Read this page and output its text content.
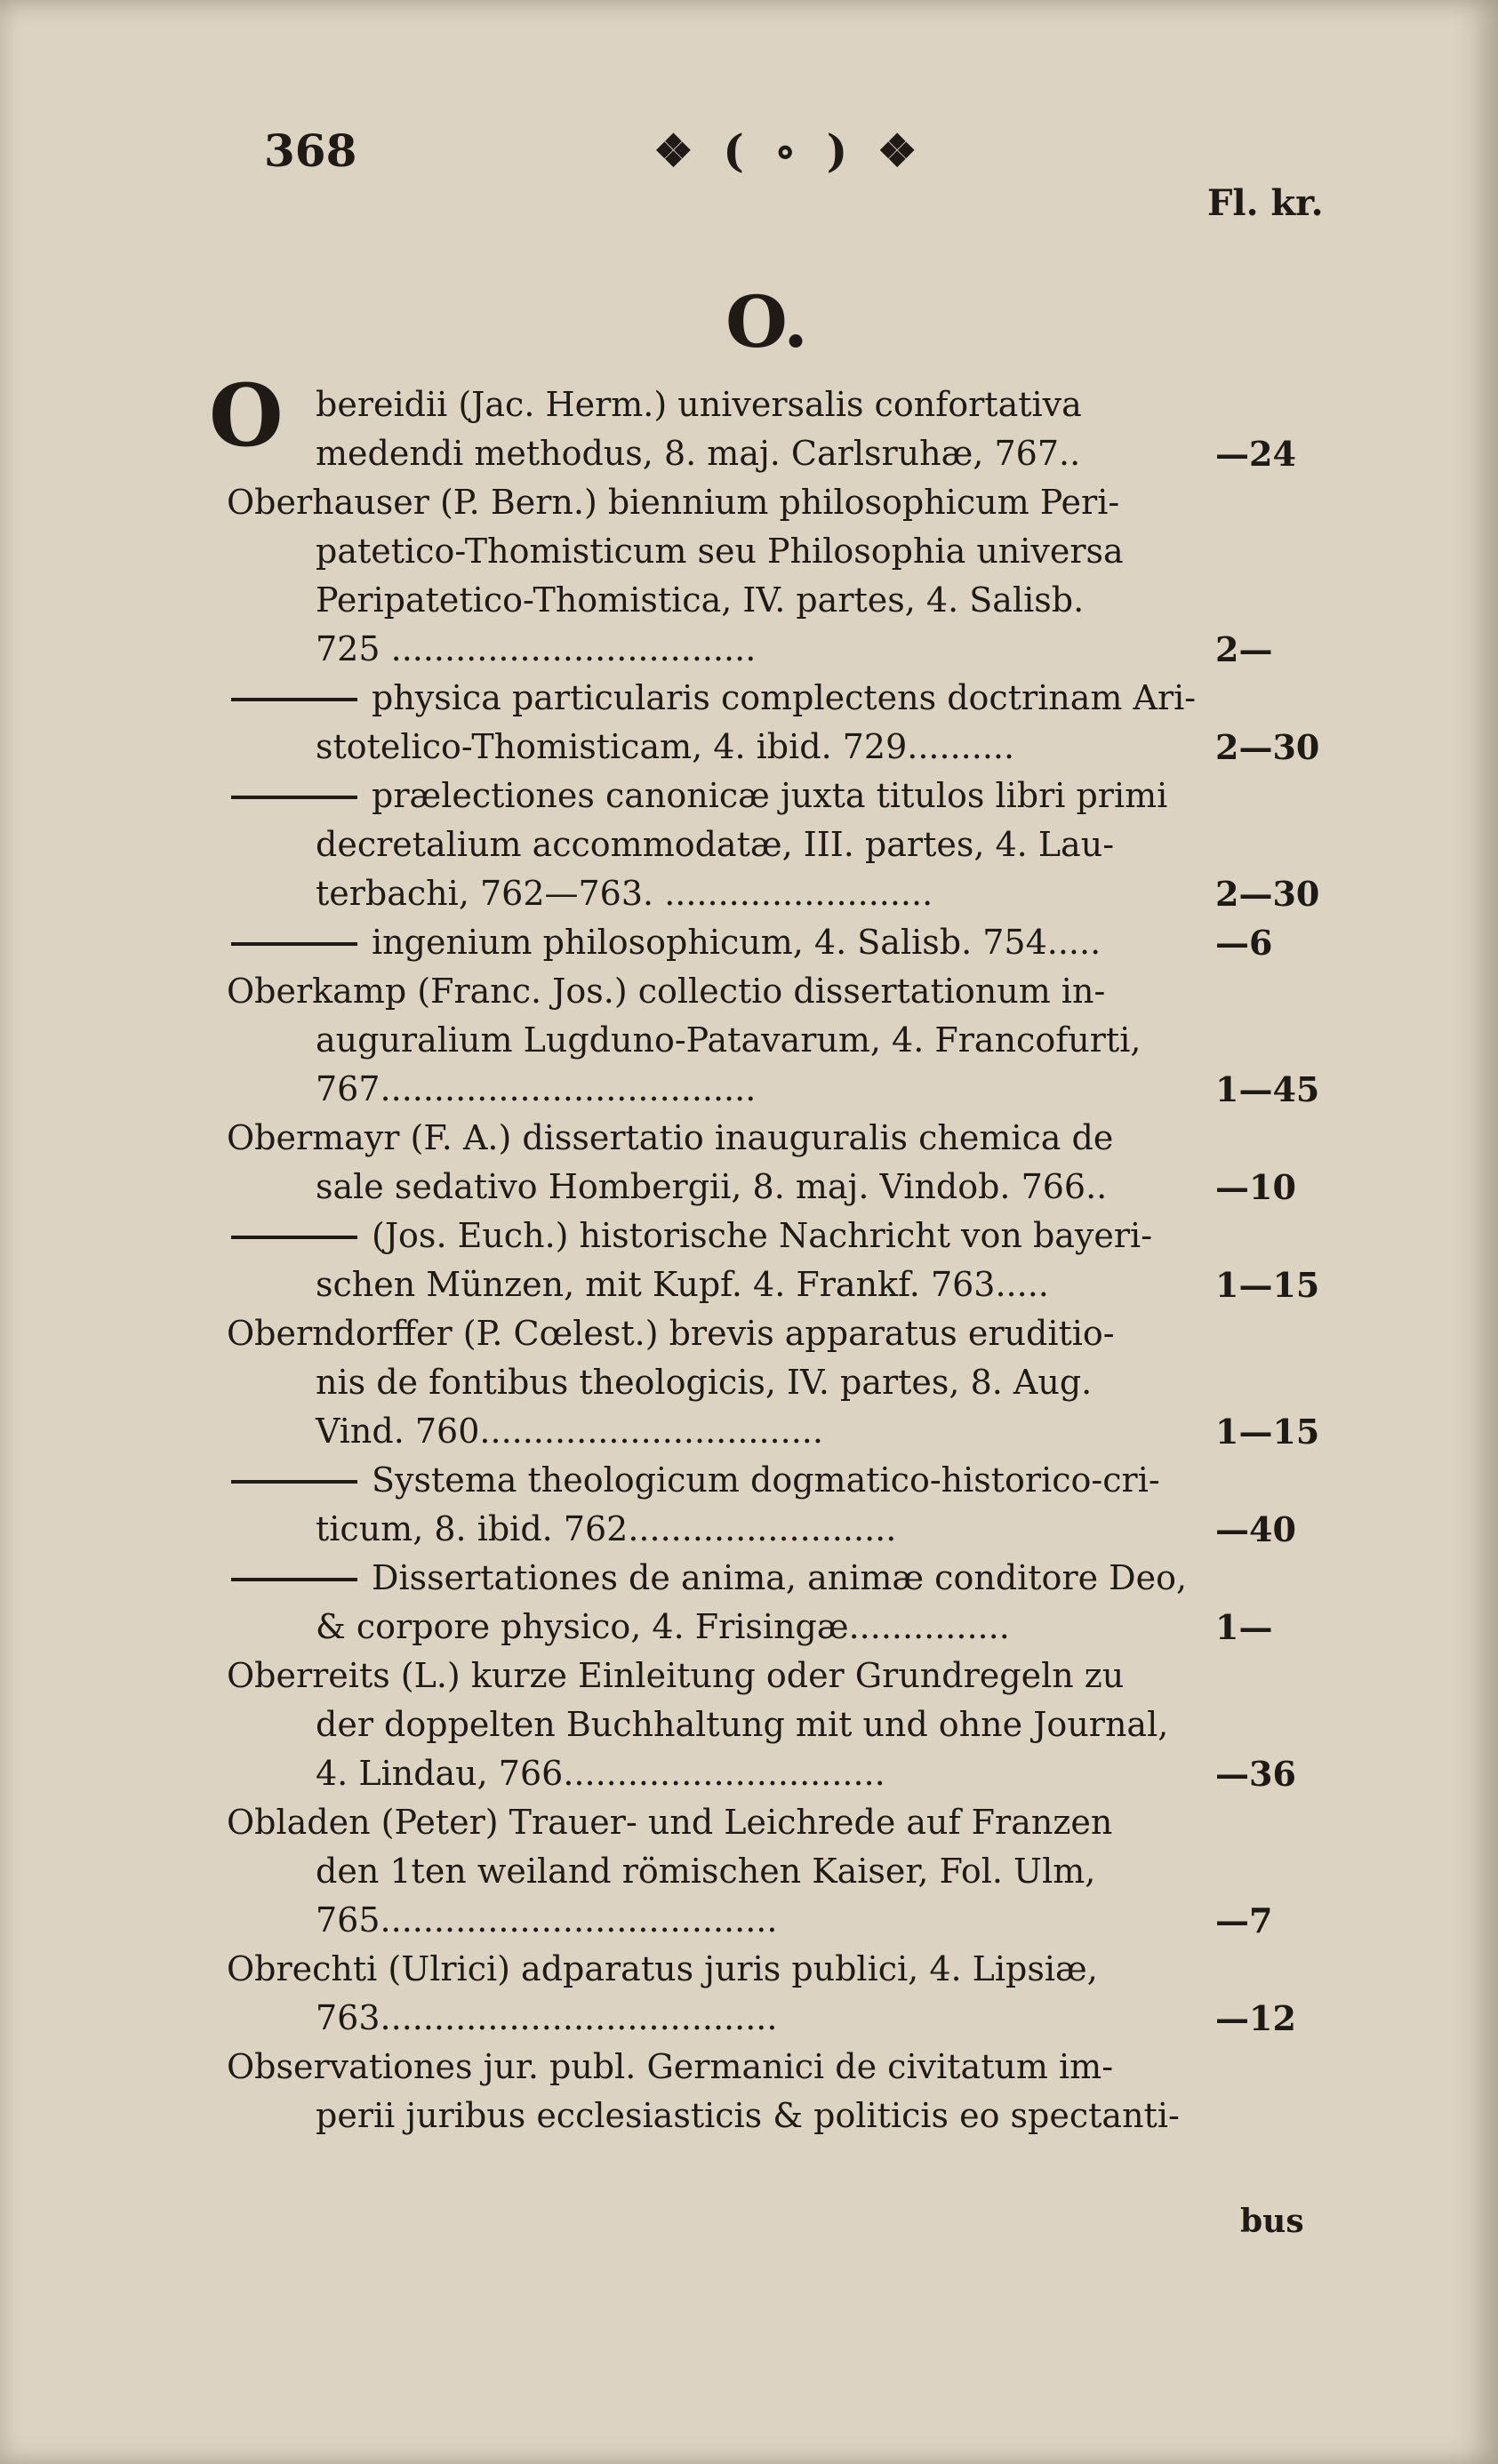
368	❖ ( ∘ ) ❖
Fl. kr.
O.
O bereidii (Jac. Herm.) universalis confortativa
medendi methodus, 8. maj. Carlsruhæ, 767..	—24
Oberhauser (P. Bern.) biennium philosophicum Peri-
patetico-Thomisticum seu Philosophia universa
Peripatetico-Thomistica, IV. partes, 4. Salisb.
725 ..................................	2—
physica particularis complectens doctrinam Ari-
stotelico-Thomisticam, 4. ibid. 729..........	2—30
prælectiones canonicæ juxta titulos libri primi
decretalium accommodatæ, III. partes, 4. Lau-
terbachi, 762—763. .........................	2—30
ingenium philosophicum, 4. Salisb. 754.....	—6
Oberkamp (Franc. Jos.) collectio dissertationum in-
auguralium Lugduno-Patavarum, 4. Francofurti,
767...................................	1—45
Obermayr (F. A.) dissertatio inauguralis chemica de
sale sedativo Hombergii, 8. maj. Vindob. 766..	—10
(Jos. Euch.) historische Nachricht von bayeri-
schen Münzen, mit Kupf. 4. Frankf. 763.....	1—15
Oberndorffer (P. Cœlest.) brevis apparatus eruditio-
nis de fontibus theologicis, IV. partes, 8. Aug.
Vind. 760................................	1—15
Systema theologicum dogmatico-historico-cri-
ticum, 8. ibid. 762.........................	—40
Dissertationes de anima, animæ conditore Deo,
& corpore physico, 4. Frisingæ...............	1—
Oberreits (L.) kurze Einleitung oder Grundregeln zu
der doppelten Buchhaltung mit und ohne Journal,
4. Lindau, 766..............................	—36
Obladen (Peter) Trauer- und Leichrede auf Franzen
den 1ten weiland römischen Kaiser, Fol. Ulm,
765.....................................	—7
Obrechti (Ulrici) adparatus juris publici, 4. Lipsiæ,
763.....................................	—12
Observationes jur. publ. Germanici de civitatum im-
perii juribus ecclesiasticis & politicis eo spectanti-
bus
